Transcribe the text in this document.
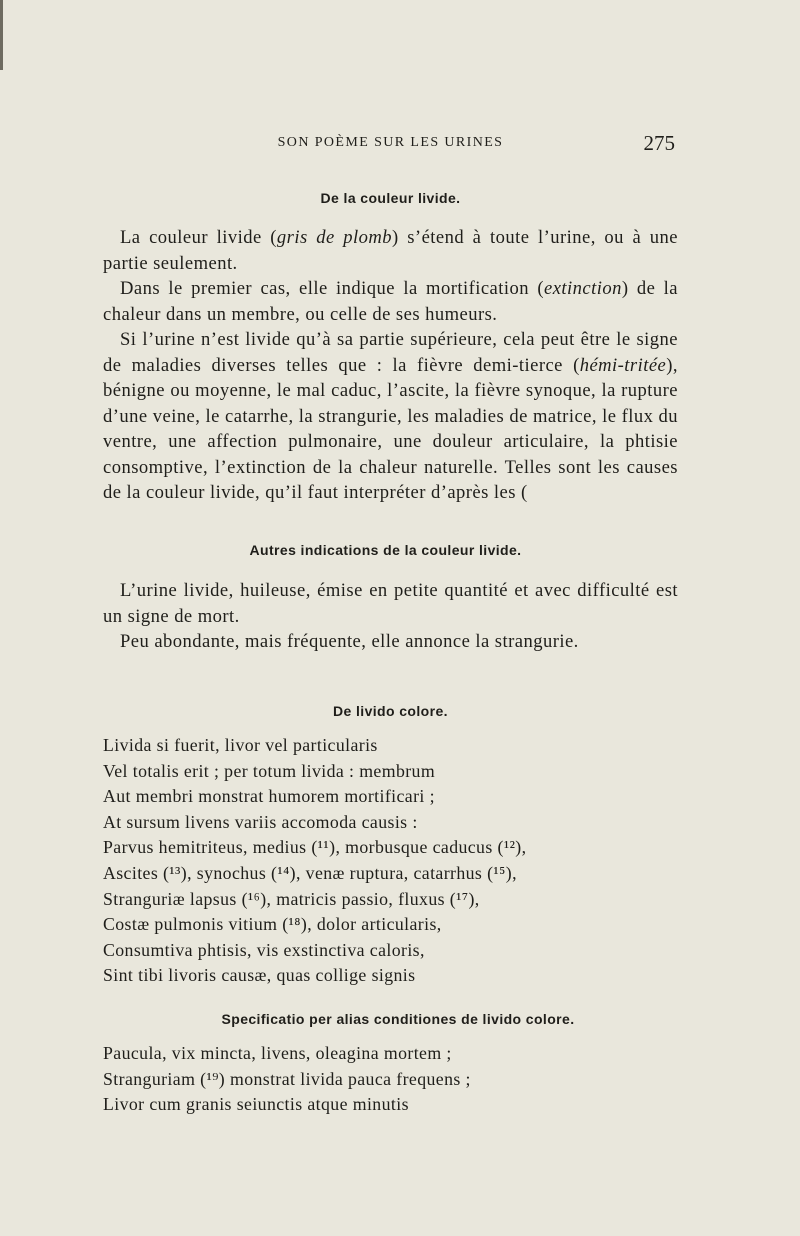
SON POÈME SUR LES URINES	275
De la couleur livide.

La couleur livide (gris de plomb) s’étend à toute l’urine, ou à une partie seulement.

Dans le premier cas, elle indique la mortification (extinction) de la chaleur dans un membre, ou celle de ses humeurs.

Si l’urine n’est livide qu’à sa partie supérieure, cela peut être le signe de maladies diverses telles que : la fièvre demi-tierce (hémi-tritée), bénigne ou moyenne, le mal caduc, l’ascite, la fièvre synoque, la rupture d’une veine, le catarrhe, la strangurie, les maladies de matrice, le flux du ventre, une affection pulmonaire, une douleur articulaire, la phtisie consomptive, l’extinction de la chaleur naturelle. Telles sont les causes de la couleur livide, qu’il faut interpréter d’après les (

Autres indications de la couleur livide.

L’urine livide, huileuse, émise en petite quantité et avec difficulté est un signe de mort.

Peu abondante, mais fréquente, elle annonce la strangurie.

De livido colore.
Livida si fuerit, livor vel particularis
Vel totalis erit ; per totum livida : membrum
Aut membri monstrat humorem mortificari ;
At sursum livens variis accomoda causis :
Parvus hemitriteus, medius (¹¹), morbusque caducus (¹²),
Ascites (¹³), synochus (¹⁴), venæ ruptura, catarrhus (¹⁵),
Stranguriæ lapsus (¹⁶), matricis passio, fluxus (¹⁷),
Costæ pulmonis vitium (¹⁸), dolor articularis,
Consumtiva phtisis, vis exstinctiva caloris,
Sint tibi livoris causæ, quas collige signis
Specificatio per alias conditiones de livido colore.
Paucula, vix mincta, livens, oleagina mortem ;
Stranguriam (¹⁹) monstrat livida pauca frequens ;
Livor cum granis seiunctis atque minutis
